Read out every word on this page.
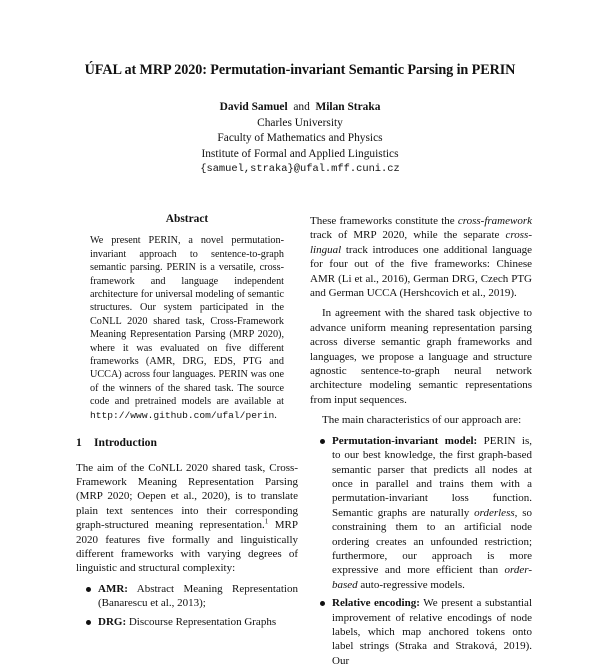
ÚFAL at MRP 2020: Permutation-invariant Semantic Parsing in PERIN
David Samuel and Milan Straka
Charles University
Faculty of Mathematics and Physics
Institute of Formal and Applied Linguistics
{samuel,straka}@ufal.mff.cuni.cz
Abstract
We present PERIN, a novel permutation-invariant approach to sentence-to-graph semantic parsing. PERIN is a versatile, cross-framework and language independent architecture for universal modeling of semantic structures. Our system participated in the CoNLL 2020 shared task, Cross-Framework Meaning Representation Parsing (MRP 2020), where it was evaluated on five different frameworks (AMR, DRG, EDS, PTG and UCCA) across four languages. PERIN was one of the winners of the shared task. The source code and pretrained models are available at http://www.github.com/ufal/perin.
1 Introduction

The aim of the CoNLL 2020 shared task, Cross-Framework Meaning Representation Parsing (MRP 2020; Oepen et al., 2020), is to translate plain text sentences into their corresponding graph-structured meaning representation.$^1$ MRP 2020 features five formally and linguistically different frameworks with varying degrees of linguistic and structural complexity:

AMR: Abstract Meaning Representation (Banarescu et al., 2013);
DRG: Discourse Representation Graphs

These frameworks constitute the cross-framework track of MRP 2020, while the separate cross-lingual track introduces one additional language for four out of the five frameworks: Chinese AMR (Li et al., 2016), German DRG, Czech PTG and German UCCA (Hershcovich et al., 2019).

In agreement with the shared task objective to advance uniform meaning representation parsing across diverse semantic graph frameworks and languages, we propose a language and structure agnostic sentence-to-graph neural network architecture modeling semantic representations from input sequences.

The main characteristics of our approach are:

Permutation-invariant model: PERIN is, to our best knowledge, the first graph-based semantic parser that predicts all nodes at once in parallel and trains them with a permutation-invariant loss function. Semantic graphs are naturally orderless, so constraining them to an artificial node ordering creates an unfounded restriction; furthermore, our approach is more expressive and more efficient than order-based auto-regressive models.
Relative encoding: We present a substantial improvement of relative encodings of node labels, which map anchored tokens onto label strings (Straka and Straková, 2019). Our
